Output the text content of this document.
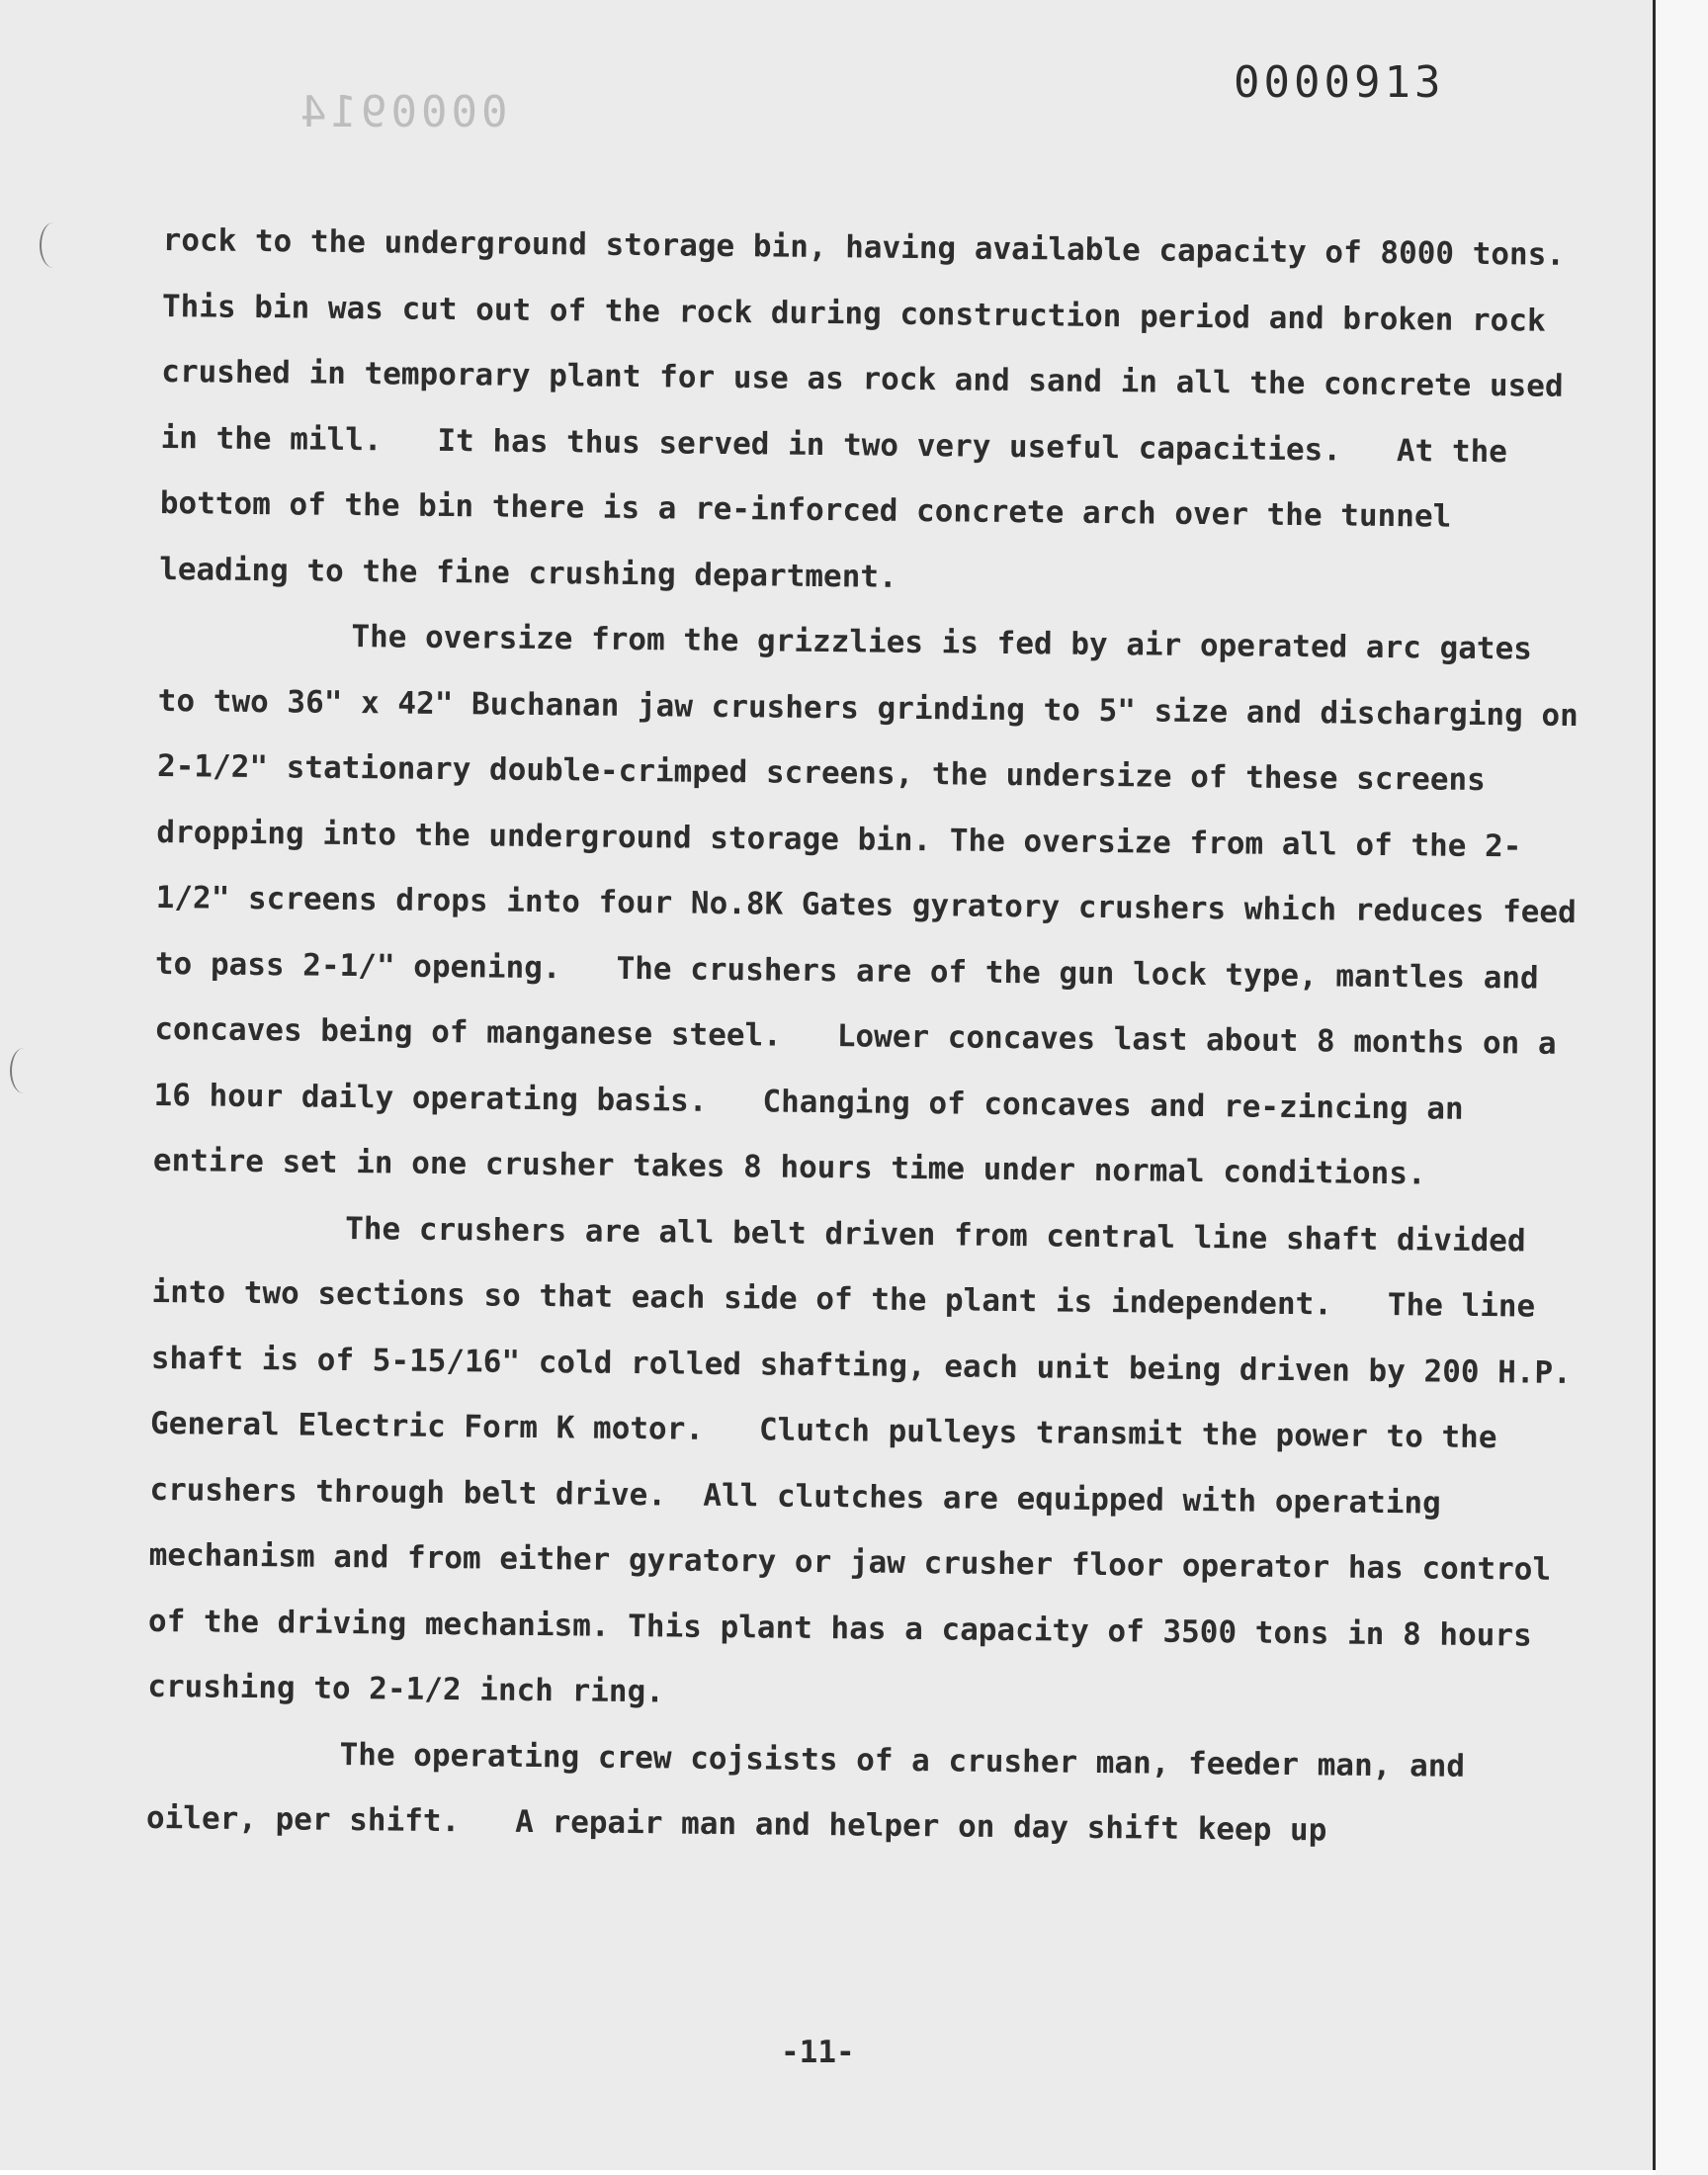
0000914
0000913

rock to the underground storage bin, having available capacity of 8000 tons.   This bin was cut out of the rock during construction period and broken rock crushed in temporary plant for use as rock and sand in all the concrete used in the mill.   It has thus served in two very useful capacities.   At the bottom of the bin there is a re-inforced concrete arch over the tunnel leading to the fine crushing department.

The oversize from the grizzlies is fed by air operated arc gates to two 36" x 42" Buchanan jaw crushers grinding to 5" size and discharging on 2-1/2" stationary double-crimped screens, the undersize of these screens dropping into the underground storage bin. The oversize from all of the 2-1/2" screens drops into four No.8K Gates gyratory crushers which reduces feed to pass 2-1/" opening.   The crushers are of the gun lock type, mantles and concaves being of manganese steel.   Lower concaves last about 8 months on a 16 hour daily operating basis.   Changing of concaves and re-zincing an entire set in one crusher takes 8 hours time under normal conditions.

The crushers are all belt driven from central line shaft divided into two sections so that each side of the plant is independent.   The line shaft is of 5-15/16" cold rolled shafting, each unit being driven by 200 H.P. General Electric Form K motor.   Clutch pulleys transmit the power to the crushers through belt drive.  All clutches are equipped with operating mechanism and from either gyratory or jaw crusher floor operator has control of the driving mechanism. This plant has a capacity of 3500 tons in 8 hours crushing to 2-1/2 inch ring.

The operating crew cojsists of a crusher man, feeder man, and oiler, per shift.   A repair man and helper on day shift keep up

-11-
